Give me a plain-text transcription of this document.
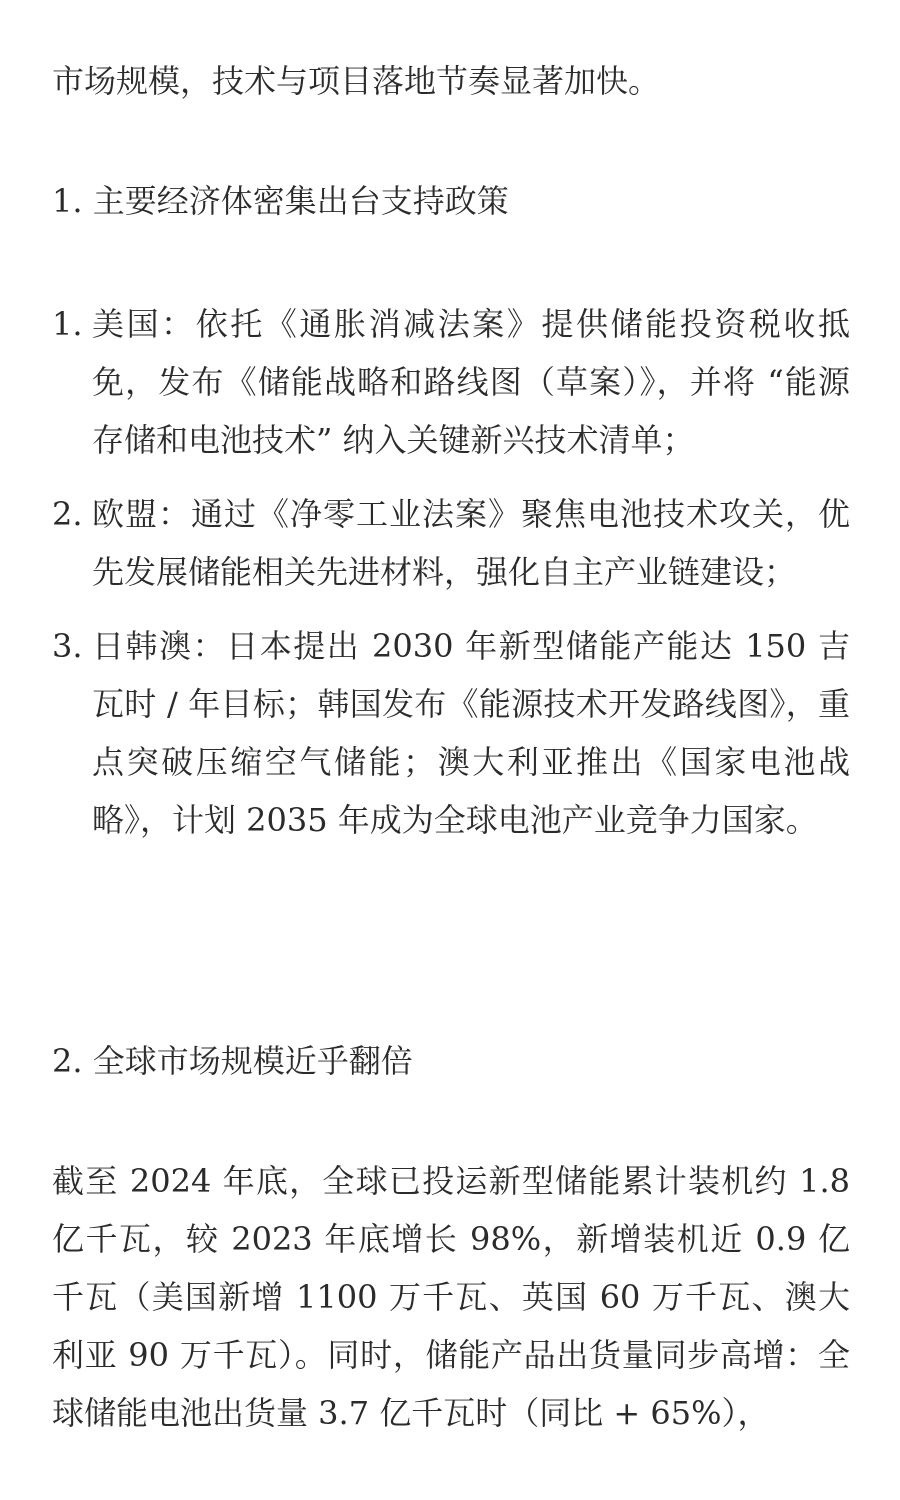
市场规模，技术与项目落地节奏显著加快。

1. 主要经济体密集出台支持政策

1. 美国：依托《通胀消减法案》提供储能投资税收抵免，发布《储能战略和路线图（草案）》，并将 “能源存储和电池技术” 纳入关键新兴技术清单；
2. 欧盟：通过《净零工业法案》聚焦电池技术攻关，优先发展储能相关先进材料，强化自主产业链建设；
3. 日韩澳：日本提出 2030 年新型储能产能达 150 吉瓦时 / 年目标；韩国发布《能源技术开发路线图》，重点突破压缩空气储能；澳大利亚推出《国家电池战略》，计划 2035 年成为全球电池产业竞争力国家。

2. 全球市场规模近乎翻倍

截至 2024 年底，全球已投运新型储能累计装机约 1.8 亿千瓦，较 2023 年底增长 98%，新增装机近 0.9 亿千瓦（美国新增 1100 万千瓦、英国 60 万千瓦、澳大利亚 90 万千瓦）。同时，储能产品出货量同步高增：全球储能电池出货量 3.7 亿千瓦时（同比 + 65%），
